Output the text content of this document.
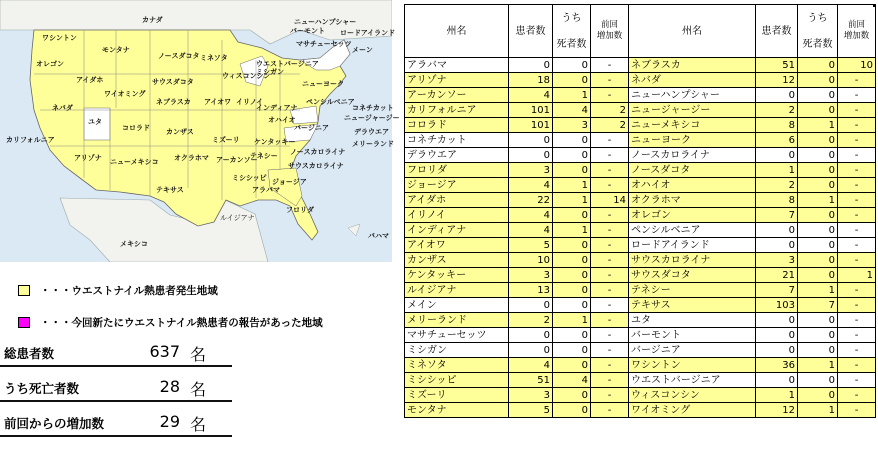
カナダ
ワシントン
モンタナ
ノースダコタ ミネソタ
オレゴン
アイダホ	サウスダコタ
ウィスコンシン
ミシガン
ワイオミング
ネブラスカ アイオワ イリノイ
インディアナ
オハイオ
ネバダ
ユタ
コロラド カンザス
ミズーリ ケンタッキー
カリフォルニア
アリゾナ ニューメキシコ オクラホマ アーカンソー
テネシー
テキサス
ミシシッピ
アラバマ
ジョージア
ルイジアナ
フロリダ
メキシコ
バハマ
ニューハンプシャー
バーモント ロードアイランド
マサチューセッツ
メーン
ウエストバージニア
ニューヨーク
ペンシルベニア
コネチカット
ニュージャージー
バージニア	デラウエア
メリーランド
ノースカロライナ
サウスカロライナ
・・・ウエストナイル熱患者発生地域
・・・今回新たにウエストナイル熱患者の報告があった地域
総患者数	637 名
うち死亡者数	28 名
前回からの増加数	29 名
州名	患者数	うち

死者数	前回
増加数	州名	患者数	うち

死者数	前回
増加数
アラバマ	0	0	-	ネブラスカ	51	0	10
アリゾナ	18	0	-	ネバダ	12	0	-
アーカンソー	4	1	-	ニューハンプシャー	0	0	-
カリフォルニア	101	4	2	ニュージャージー	2	0	-
コロラド	101	3	2	ニューメキシコ	8	1	-
コネチカット	0	0	-	ニューヨーク	6	0	-
デラウエア	0	0	-	ノースカロライナ	0	0	-
フロリダ	3	0	-	ノースダコタ	1	0	-
ジョージア	4	1	-	オハイオ	2	0	-
アイダホ	22	1	14	オクラホマ	8	1	-
イリノイ	4	0	-	オレゴン	7	0	-
インディアナ	4	1	-	ペンシルベニア	0	0	-
アイオワ	5	0	-	ロードアイランド	0	0	-
カンザス	10	0	-	サウスカロライナ	3	0	-
ケンタッキー	3	0	-	サウスダコタ	21	0	1
ルイジアナ	13	0	-	テネシー	7	1	-
メイン	0	0	-	テキサス	103	7	-
メリーランド	2	1	-	ユタ	0	0	-
マサチューセッツ	0	0	-	バーモント	0	0	-
ミシガン	0	0	-	バージニア	0	0	-
ミネソタ	4	0	-	ワシントン	36	1	-
ミシシッピ	51	4	-	ウエストバージニア	0	0	-
ミズーリ	3	0	-	ウィスコンシン	1	0	-
モンタナ	5	0	-	ワイオミング	12	1	-
